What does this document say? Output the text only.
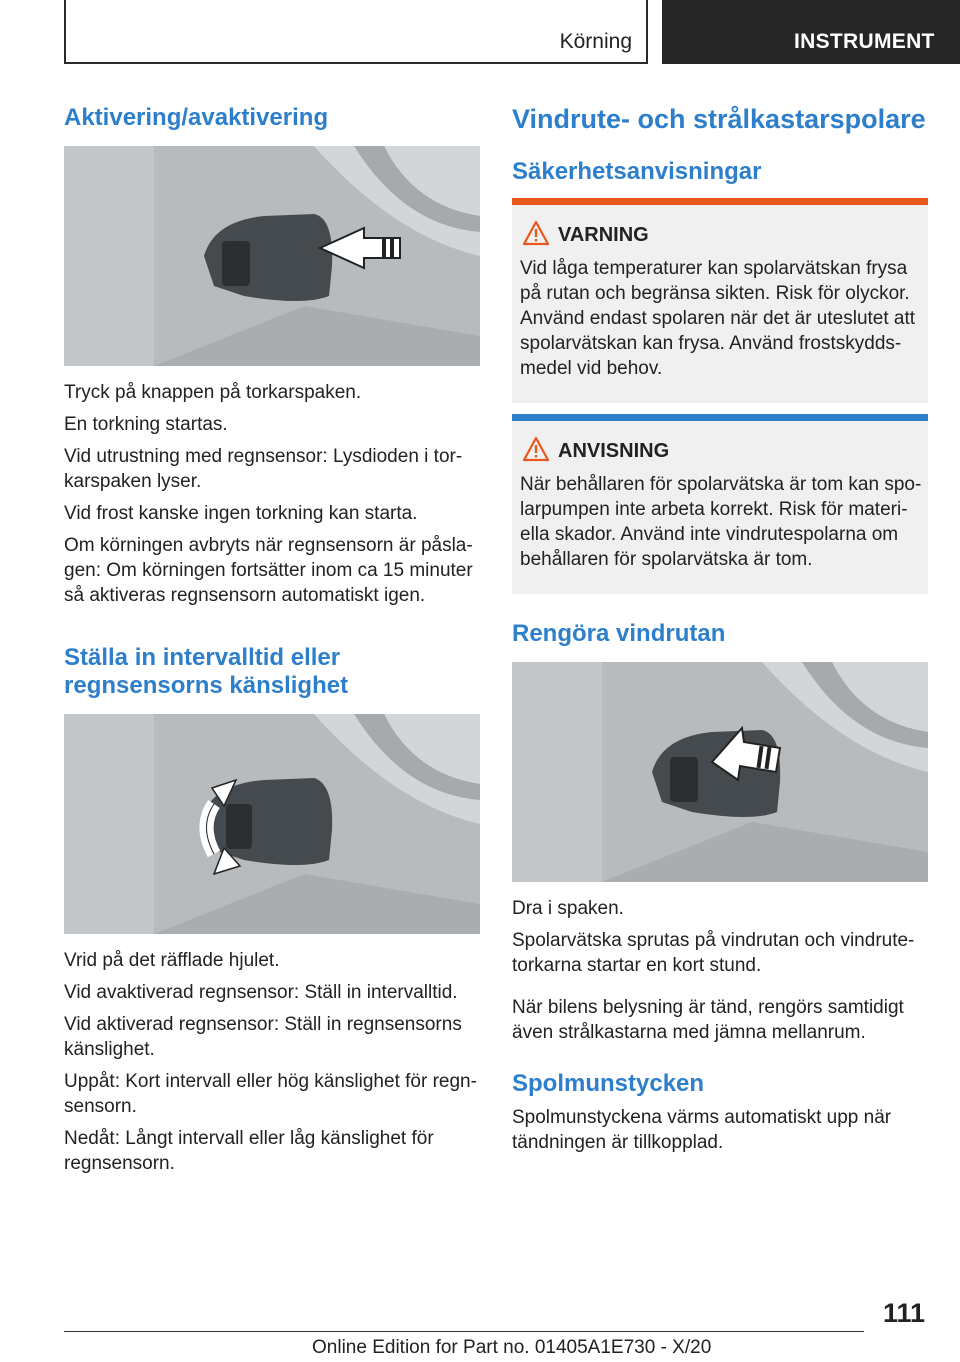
Körning	INSTRUMENT
Aktivering/avaktivering

Tryck på knappen på torkarspaken.

En torkning startas.

Vid utrustning med regnsensor: Lysdioden i tor-

karspaken lyser.

Vid frost kanske ingen torkning kan starta.

Om körningen avbryts när regnsensorn är påsla-

gen: Om körningen fortsätter inom ca 15 minuter

så aktiveras regnsensorn automatiskt igen.

Ställa in intervalltid eller
regnsensorns känslighet

Vrid på det räfflade hjulet.

Vid avaktiverad regnsensor: Ställ in intervalltid.

Vid aktiverad regnsensor: Ställ in regnsensorns

känslighet.

Uppåt: Kort intervall eller hög känslighet för regn-

sensorn.

Nedåt: Långt intervall eller låg känslighet för

regnsensorn.

Vindrute- och strålkastarspolare
Säkerhetsanvisningar
VARNING
Vid låga temperaturer kan spolarvätskan frysa
på rutan och begränsa sikten. Risk för olyckor.
Använd endast spolaren när det är uteslutet att
spolarvätskan kan frysa. Använd frostskydds-
medel vid behov.
ANVISNING
När behållaren för spolarvätska är tom kan spo-
larpumpen inte arbeta korrekt. Risk för materi-
ella skador. Använd inte vindrutespolarna om
behållaren för spolarvätska är tom.
Rengöra vindrutan

Dra i spaken.

Spolarvätska sprutas på vindrutan och vindrute-

torkarna startar en kort stund.

När bilens belysning är tänd, rengörs samtidigt

även strålkastarna med jämna mellanrum.

Spolmunstycken

Spolmunstyckena värms automatiskt upp när

tändningen är tillkopplad.

111
Online Edition for Part no. 01405A1E730 - X/20
